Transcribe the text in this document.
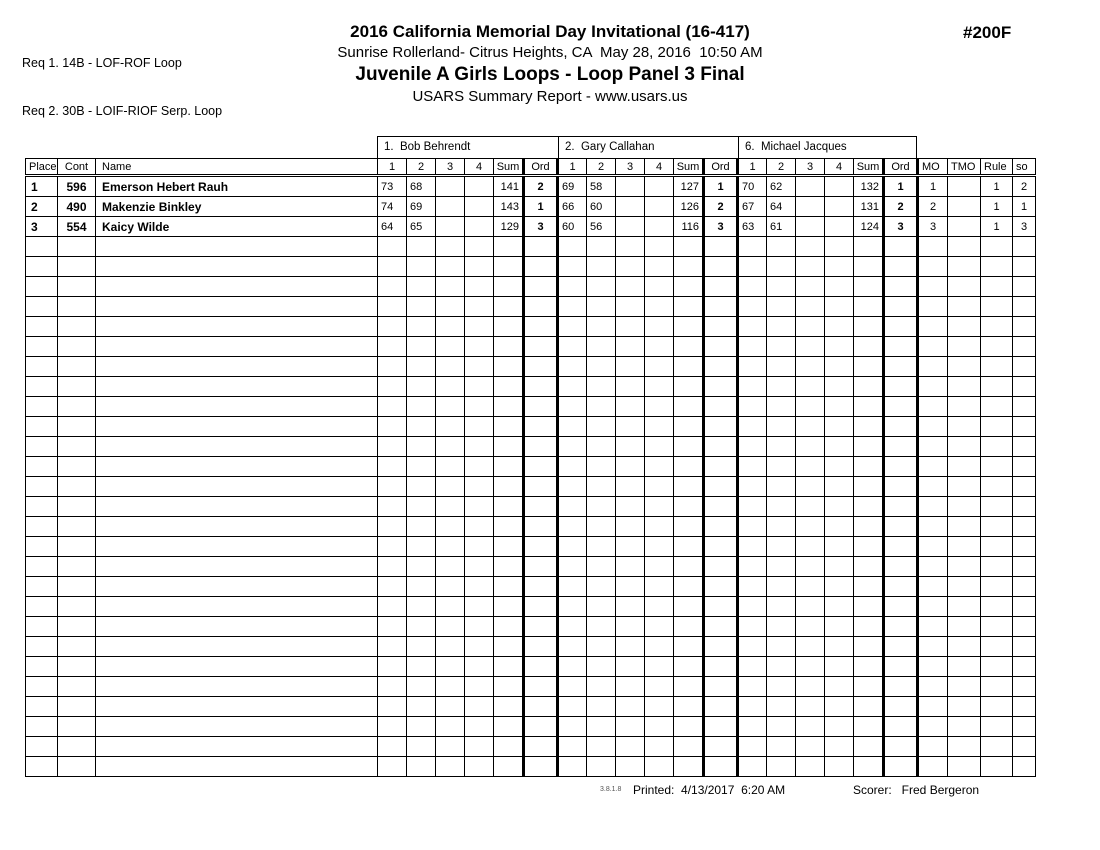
Req 1. 14B - LOF-ROF Loop

Req 2. 30B - LOIF-RIOF Serp. Loop

2016 California Memorial Day Invitational (16-417)
Sunrise Rollerland- Citrus Heights, CA  May 28, 2016  10:50 AM
Juvenile A Girls Loops - Loop Panel 3 Final
USARS Summary Report - www.usars.us
#200F
1.  Bob Behrendt	2.  Gary Callahan	6.  Michael Jacques
Place	Cont	Name	1	2	3	4	Sum	Ord	1	2	3	4	Sum	Ord	1	2	3	4	Sum	Ord	MO	TMO	Rule	so
1	596	Emerson Hebert Rauh	73	68			141	2	69	58			127	1	70	62			132	1	1		1	2
2	490	Makenzie Binkley	74	69			143	1	66	60			126	2	67	64			131	2	2		1	1
3	554	Kaicy Wilde	64	65			129	3	60	56			116	3	63	61			124	3	3		1	3

3.8.1.8 Printed:  4/13/2017  6:20 AM	Scorer:   Fred Bergeron
